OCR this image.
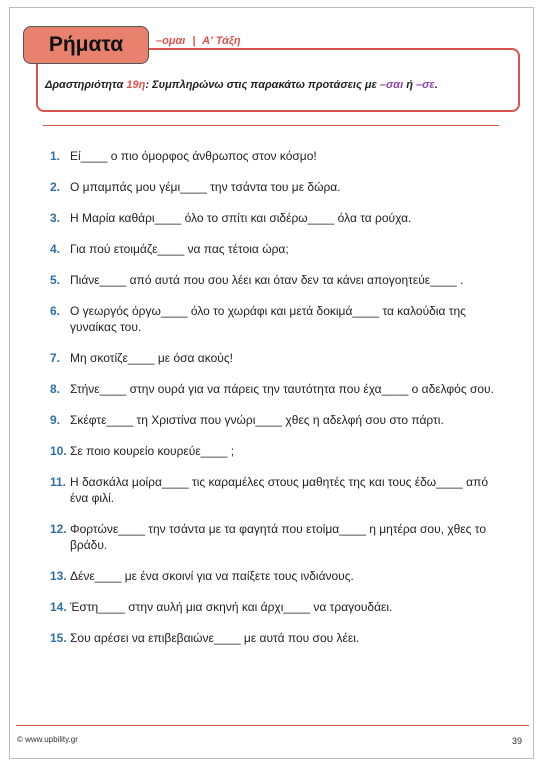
Ρήματα	–ομαι | Α' Τάξη
Δραστηριότητα 19η: Συμπληρώνω στις παρακάτω προτάσεις με –σαι ή –σε.
1. Εί____ ο πιο όμορφος άνθρωπος στον κόσμο!
2. Ο μπαμπάς μου γέμι____ την τσάντα του με δώρα.
3. Η Μαρία καθάρι____ όλο το σπίτι και σιδέρω____ όλα τα ρούχα.
4. Για πού ετοιμάζε____ να πας τέτοια ώρα;
5. Πιάνε____ από αυτά που σου λέει και όταν δεν τα κάνει απογοητεύε____ .
6. Ο γεωργός όργω____ όλο το χωράφι και μετά δοκιμά____ τα καλούδια της γυναίκας του.
7. Μη σκοτίζε____ με όσα ακούς!
8. Στήνε____ στην ουρά για να πάρεις την ταυτότητα που έχα____ ο αδελφός σου.
9. Σκέφτε____ τη Χριστίνα που γνώρι____ χθες η αδελφή σου στο πάρτι.
10. Σε ποιο κουρείο κουρεύε____ ;
11. Η δασκάλα μοίρα____ τις καραμέλες στους μαθητές της και τους έδω____ από ένα φιλί.
12. Φορτώνε____ την τσάντα με τα φαγητά που ετοίμα____ η μητέρα σου, χθες το βράδυ.
13. Δένε____ με ένα σκοινί για να παίξετε τους ινδιάνους.
14. Έστη____ στην αυλή μια σκηνή και άρχι____ να τραγουδάει.
15. Σου αρέσει να επιβεβαιώνε____ με αυτά που σου λέει.
© www.upbility.gr	39
